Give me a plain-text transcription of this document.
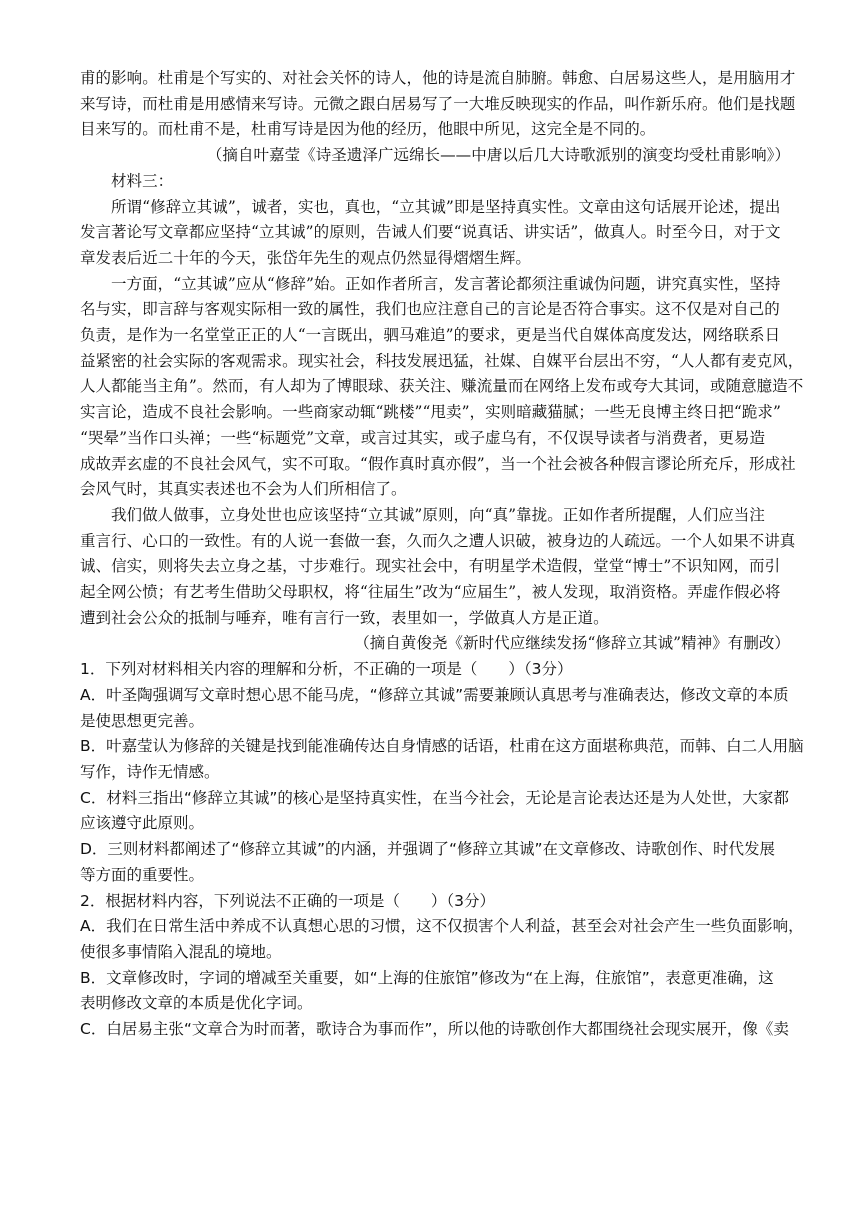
甫的影响。杜甫是个写实的、对社会关怀的诗人，他的诗是流自肺腑。韩愈、白居易这些人，是用脑用才
来写诗，而杜甫是用感情来写诗。元微之跟白居易写了一大堆反映现实的作品，叫作新乐府。他们是找题
目来写的。而杜甫不是，杜甫写诗是因为他的经历，他眼中所见，这完全是不同的。
（摘自叶嘉莹《诗圣遗泽广远绵长——中唐以后几大诗歌派别的演变均受杜甫影响》）
材料三：
所谓“修辞立其诚”，诚者，实也，真也，“立其诚”即是坚持真实性。文章由这句话展开论述，提出
发言著论写文章都应坚持“立其诚”的原则，告诫人们要“说真话、讲实话”，做真人。时至今日，对于文
章发表后近二十年的今天，张岱年先生的观点仍然显得熠熠生辉。
一方面，“立其诚”应从“修辞”始。正如作者所言，发言著论都须注重诚伪问题，讲究真实性，坚持
名与实，即言辞与客观实际相一致的属性，我们也应注意自己的言论是否符合事实。这不仅是对自己的
负责，是作为一名堂堂正正的人“一言既出，驷马难追”的要求，更是当代自媒体高度发达，网络联系日
益紧密的社会实际的客观需求。现实社会，科技发展迅猛，社媒、自媒平台层出不穷，“人人都有麦克风，
人人都能当主角”。然而，有人却为了博眼球、获关注、赚流量而在网络上发布或夸大其词，或随意臆造不
实言论，造成不良社会影响。一些商家动辄“跳楼”“甩卖”，实则暗藏猫腻；一些无良博主终日把“跪求”
“哭晕”当作口头禅；一些“标题党”文章，或言过其实，或子虚乌有，不仅误导读者与消费者，更易造
成故弄玄虚的不良社会风气，实不可取。“假作真时真亦假”，当一个社会被各种假言谬论所充斥，形成社
会风气时，其真实表述也不会为人们所相信了。
我们做人做事，立身处世也应该坚持“立其诚”原则，向“真”靠拢。正如作者所提醒，人们应当注
重言行、心口的一致性。有的人说一套做一套，久而久之遭人识破，被身边的人疏远。一个人如果不讲真
诚、信实，则将失去立身之基，寸步难行。现实社会中，有明星学术造假，堂堂“博士”不识知网，而引
起全网公愤；有艺考生借助父母职权，将“往届生”改为“应届生”，被人发现，取消资格。弄虚作假必将
遭到社会公众的抵制与唾弃，唯有言行一致，表里如一，学做真人方是正道。
（摘自黄俊尧《新时代应继续发扬“修辞立其诚”精神》有删改）
1．下列对材料相关内容的理解和分析，不正确的一项是（　　）（3分）
A．叶圣陶强调写文章时想心思不能马虎，“修辞立其诚”需要兼顾认真思考与准确表达，修改文章的本质
是使思想更完善。
B．叶嘉莹认为修辞的关键是找到能准确传达自身情感的话语，杜甫在这方面堪称典范，而韩、白二人用脑
写作，诗作无情感。
C．材料三指出“修辞立其诚”的核心是坚持真实性，在当今社会，无论是言论表达还是为人处世，大家都
应该遵守此原则。
D．三则材料都阐述了“修辞立其诚”的内涵，并强调了“修辞立其诚”在文章修改、诗歌创作、时代发展
等方面的重要性。
2．根据材料内容，下列说法不正确的一项是（　　）（3分）
A．我们在日常生活中养成不认真想心思的习惯，这不仅损害个人利益，甚至会对社会产生一些负面影响，
使很多事情陷入混乱的境地。
B．文章修改时，字词的增减至关重要，如“上海的住旅馆”修改为“在上海，住旅馆”，表意更准确，这
表明修改文章的本质是优化字词。
C．白居易主张“文章合为时而著，歌诗合为事而作”，所以他的诗歌创作大都围绕社会现实展开，像《卖
